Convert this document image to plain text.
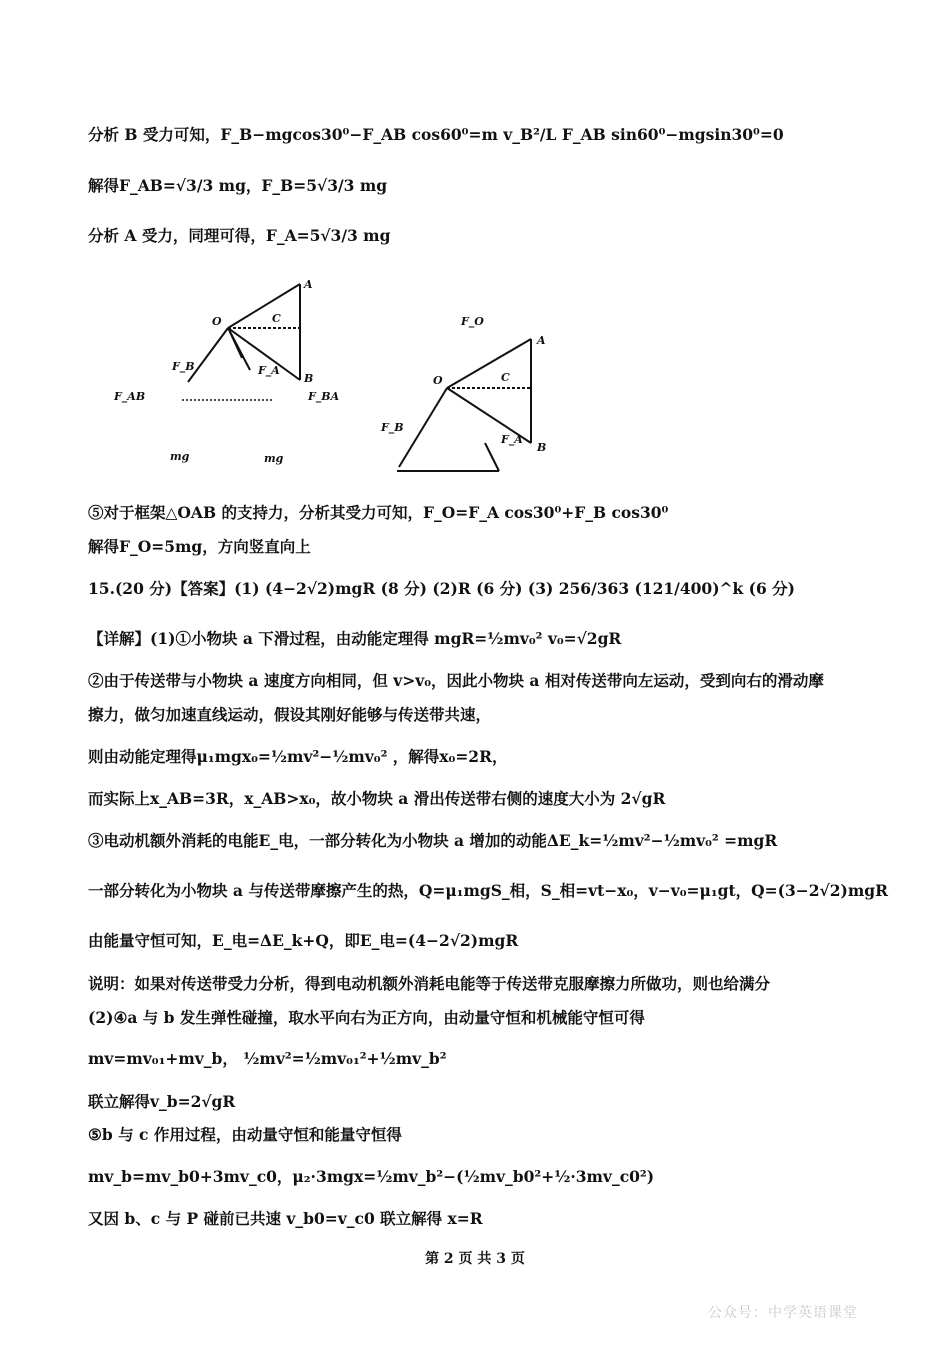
分析 B 受力可知，F_B−mgcos30⁰−F_AB cos60⁰=m v_B²/L F_AB sin60⁰−mgsin30⁰=0
解得F_AB=√3/3 mg，F_B=5√3/3 mg
分析 A 受力，同理可得，F_A=5√3/3 mg
O	C
A
B
F_B	F_A
F_AB	F_BA
mg	mg
F_O
O	C
A
B
F_B
F_A
⑤对于框架△OAB 的支持力，分析其受力可知，F_O=F_A cos30⁰+F_B cos30⁰
解得F_O=5mg，方向竖直向上
15.(20 分)【答案】(1) (4−2√2)mgR (8 分) (2)R (6 分) (3) 256/363 (121/400)^k (6 分)
【详解】(1)①小物块 a 下滑过程，由动能定理得 mgR=½mv₀² v₀=√2gR
②由于传送带与小物块 a 速度方向相同，但 v>v₀，因此小物块 a 相对传送带向左运动，受到向右的滑动摩
擦力，做匀加速直线运动，假设其刚好能够与传送带共速，
则由动能定理得μ₁mgx₀=½mv²−½mv₀² ，解得x₀=2R，
而实际上x_AB=3R，x_AB>x₀，故小物块 a 滑出传送带右侧的速度大小为 2√gR
③电动机额外消耗的电能E_电，一部分转化为小物块 a 增加的动能ΔE_k=½mv²−½mv₀² =mgR
一部分转化为小物块 a 与传送带摩擦产生的热，Q=μ₁mgS_相，S_相=vt−x₀，v−v₀=μ₁gt，Q=(3−2√2)mgR
由能量守恒可知，E_电=ΔE_k+Q，即E_电=(4−2√2)mgR
说明：如果对传送带受力分析，得到电动机额外消耗电能等于传送带克服摩擦力所做功，则也给满分
(2)④a 与 b 发生弹性碰撞，取水平向右为正方向，由动量守恒和机械能守恒可得
mv=mv₀₁+mv_b， ½mv²=½mv₀₁²+½mv_b²
联立解得v_b=2√gR
⑤b 与 c 作用过程，由动量守恒和能量守恒得
mv_b=mv_b0+3mv_c0，μ₂·3mgx=½mv_b²−(½mv_b0²+½·3mv_c0²)
又因 b、c 与 P 碰前已共速 v_b0=v_c0 联立解得 x=R
第 2 页 共 3 页
公众号：中学英语课堂
